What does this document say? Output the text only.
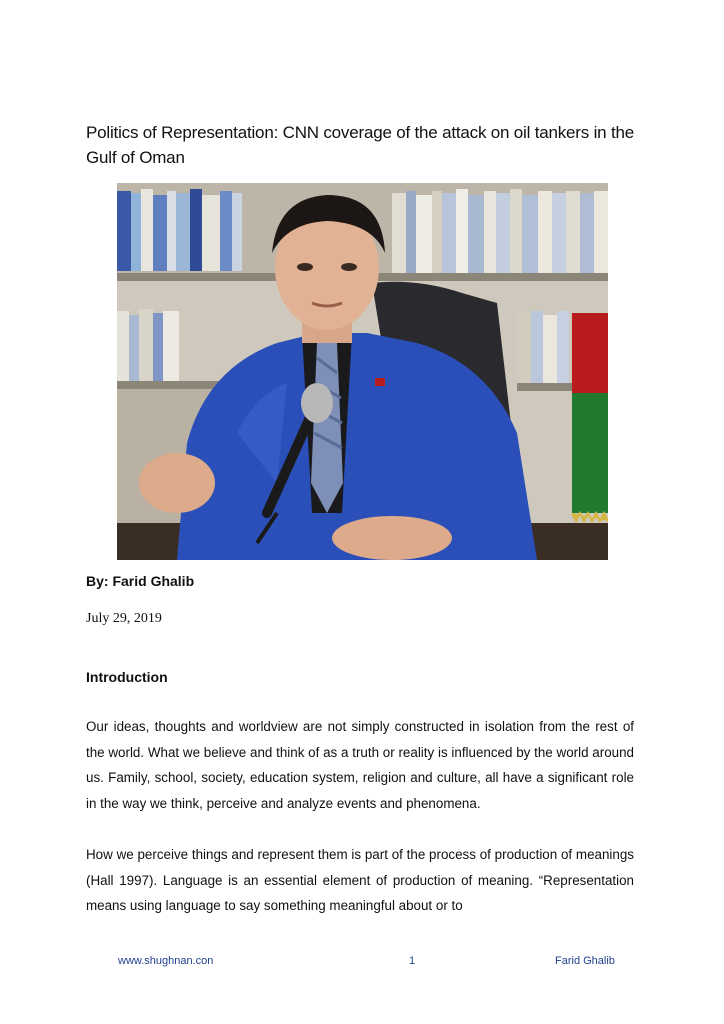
Politics of Representation: CNN coverage of the attack on oil tankers in the Gulf of Oman
By: Farid Ghalib
July 29, 2019
Introduction

Our ideas, thoughts and worldview are not simply constructed in isolation from the rest of the world. What we believe and think of as a truth or reality is influenced by the world around us. Family, school, society, education system, religion and culture, all have a significant role in the way we think, perceive and analyze events and phenomena.

How we perceive things and represent them is part of the process of production of meanings (Hall 1997). Language is an essential element of production of meaning. “Representation means using language to say something meaningful about or to

www.shughnan.con	1	Farid Ghalib
